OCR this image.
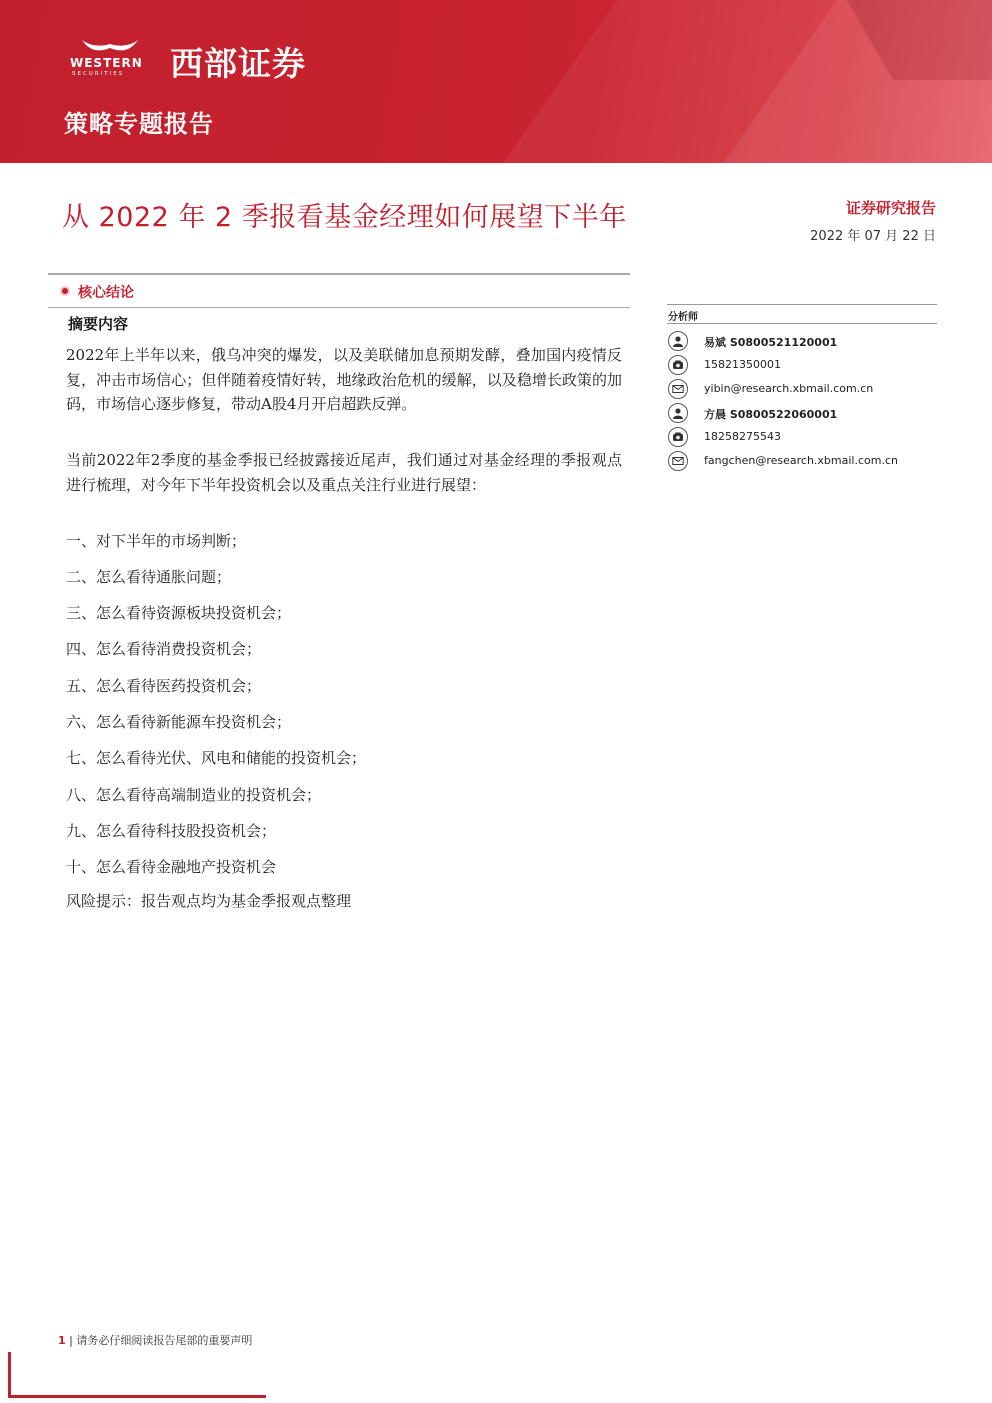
WESTERN
SECURITIES 西部证券
策略专题报告
从 2022 年 2 季报看基金经理如何展望下半年	证券研究报告
2022 年 07 月 22 日
核心结论
摘要内容
2022年上半年以来，俄乌冲突的爆发，以及美联储加息预期发酵，叠加国内疫情反复，冲击市场信心；但伴随着疫情好转，地缘政治危机的缓解，以及稳增长政策的加码，市场信心逐步修复，带动A股4月开启超跌反弹。
当前2022年2季度的基金季报已经披露接近尾声，我们通过对基金经理的季报观点进行梳理，对今年下半年投资机会以及重点关注行业进行展望：
一、对下半年的市场判断；
二、怎么看待通胀问题；
三、怎么看待资源板块投资机会；
四、怎么看待消费投资机会；
五、怎么看待医药投资机会；
六、怎么看待新能源车投资机会；
七、怎么看待光伏、风电和储能的投资机会；
八、怎么看待高端制造业的投资机会；
九、怎么看待科技股投资机会；
十、怎么看待金融地产投资机会
风险提示：报告观点均为基金季报观点整理
分析师
易斌 S0800521120001
15821350001
yibin@research.xbmail.com.cn
方晨 S0800522060001
18258275543
fangchen@research.xbmail.com.cn
1 | 请务必仔细阅读报告尾部的重要声明
